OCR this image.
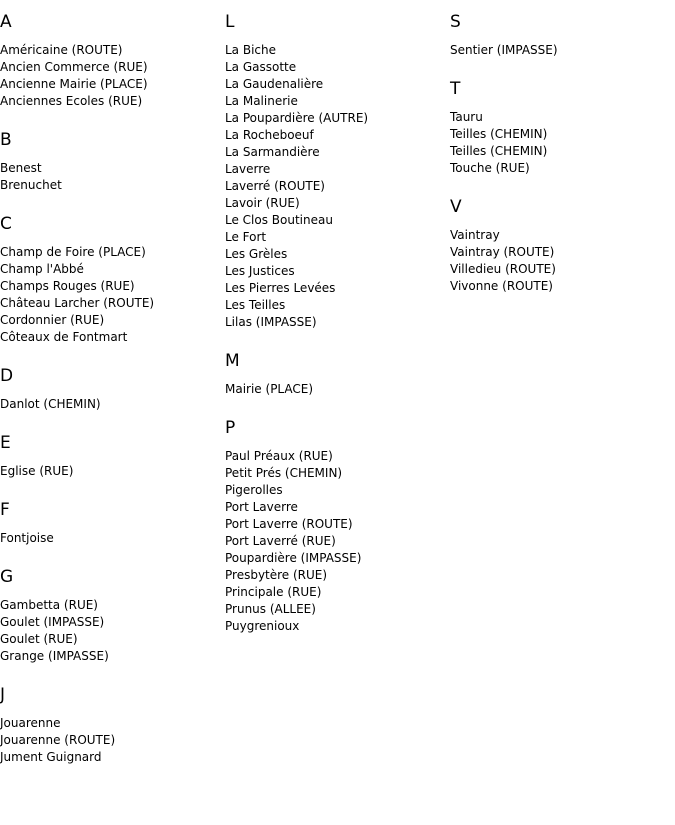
A
Américaine (ROUTE)
Ancien Commerce (RUE)
Ancienne Mairie (PLACE)
Anciennes Ecoles (RUE)
B
Benest
Brenuchet
C
Champ de Foire (PLACE)
Champ l'Abbé
Champs Rouges (RUE)
Château Larcher (ROUTE)
Cordonnier (RUE)
Côteaux de Fontmart
D
Danlot (CHEMIN)
E
Eglise (RUE)
F
Fontjoise
G
Gambetta (RUE)
Goulet (IMPASSE)
Goulet (RUE)
Grange (IMPASSE)
J
Jouarenne
Jouarenne (ROUTE)
Jument Guignard
L
La Biche
La Gassotte
La Gaudenalière
La Malinerie
La Poupardière (AUTRE)
La Rocheboeuf
La Sarmandière
Laverre
Laverré (ROUTE)
Lavoir (RUE)
Le Clos Boutineau
Le Fort
Les Grèles
Les Justices
Les Pierres Levées
Les Teilles
Lilas (IMPASSE)
M
Mairie (PLACE)
P
Paul Préaux (RUE)
Petit Prés (CHEMIN)
Pigerolles
Port Laverre
Port Laverre (ROUTE)
Port Laverré (RUE)
Poupardière (IMPASSE)
Presbytère (RUE)
Principale (RUE)
Prunus (ALLEE)
Puygrenioux
S
Sentier (IMPASSE)
T
Tauru
Teilles (CHEMIN)
Teilles (CHEMIN)
Touche (RUE)
V
Vaintray
Vaintray (ROUTE)
Villedieu (ROUTE)
Vivonne (ROUTE)
